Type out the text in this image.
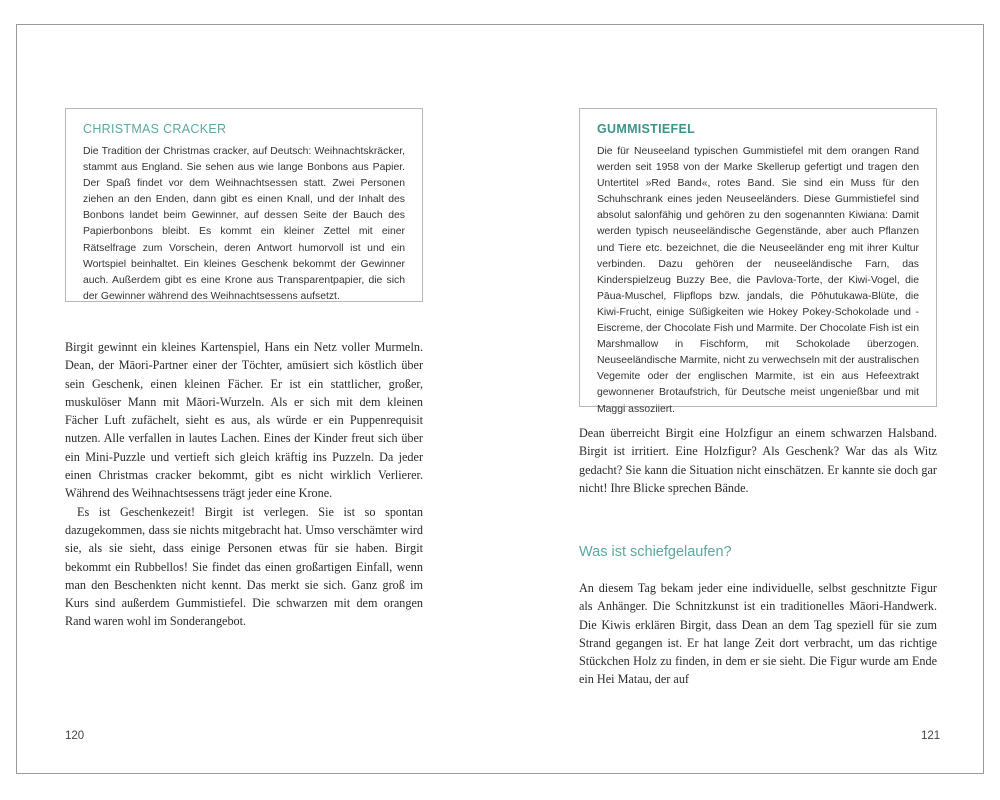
CHRISTMAS CRACKER

Die Tradition der Christmas cracker, auf Deutsch: Weihnachtskräcker, stammt aus England. Sie sehen aus wie lange Bonbons aus Papier. Der Spaß findet vor dem Weihnachtsessen statt. Zwei Personen ziehen an den Enden, dann gibt es einen Knall, und der Inhalt des Bonbons landet beim Gewinner, auf dessen Seite der Bauch des Papierbonbons bleibt. Es kommt ein kleiner Zettel mit einer Rätselfrage zum Vorschein, deren Antwort humorvoll ist und ein Wortspiel beinhaltet. Ein kleines Geschenk bekommt der Gewinner auch. Außerdem gibt es eine Krone aus Transparentpapier, die sich der Gewinner während des Weihnachtsessens aufsetzt.

Birgit gewinnt ein kleines Kartenspiel, Hans ein Netz voller Murmeln. Dean, der Māori-Partner einer der Töchter, amüsiert sich köstlich über sein Geschenk, einen kleinen Fächer. Er ist ein stattlicher, großer, muskulöser Mann mit Māori-Wurzeln. Als er sich mit dem kleinen Fächer Luft zufächelt, sieht es aus, als würde er ein Puppenrequisit nutzen. Alle verfallen in lautes Lachen. Eines der Kinder freut sich über ein Mini-Puzzle und vertieft sich gleich kräftig ins Puzzeln. Da jeder einen Christmas cracker bekommt, gibt es nicht wirklich Verlierer. Während des Weihnachtsessens trägt jeder eine Krone.

Es ist Geschenkezeit! Birgit ist verlegen. Sie ist so spontan dazugekommen, dass sie nichts mitgebracht hat. Umso verschämter wird sie, als sie sieht, dass einige Personen etwas für sie haben. Birgit bekommt ein Rubbellos! Sie findet das einen großartigen Einfall, wenn man den Beschenkten nicht kennt. Das merkt sie sich. Ganz groß im Kurs sind außerdem Gummistiefel. Die schwarzen mit dem orangen Rand waren wohl im Sonderangebot.

120

GUMMISTIEFEL

Die für Neuseeland typischen Gummistiefel mit dem orangen Rand werden seit 1958 von der Marke Skellerup gefertigt und tragen den Untertitel »Red Band«, rotes Band. Sie sind ein Muss für den Schuhschrank eines jeden Neuseeländers. Diese Gummistiefel sind absolut salonfähig und gehören zu den sogenannten Kiwiana: Damit werden typisch neuseeländische Gegenstände, aber auch Pflanzen und Tiere etc. bezeichnet, die die Neuseeländer eng mit ihrer Kultur verbinden. Dazu gehören der neuseeländische Farn, das Kinderspielzeug Buzzy Bee, die Pavlova-Torte, der Kiwi-Vogel, die Pāua-Muschel, Flipflops bzw. jandals, die Pōhutukawa-Blüte, die Kiwi-Frucht, einige Süßigkeiten wie Hokey Pokey-Schokolade und -Eiscreme, der Chocolate Fish und Marmite. Der Chocolate Fish ist ein Marshmallow in Fischform, mit Schokolade überzogen. Neuseeländische Marmite, nicht zu verwechseln mit der australischen Vegemite oder der englischen Marmite, ist ein aus Hefeextrakt gewonnener Brotaufstrich, für Deutsche meist ungenießbar und mit Maggi assoziiert.

Dean überreicht Birgit eine Holzfigur an einem schwarzen Halsband. Birgit ist irritiert. Eine Holzfigur? Als Geschenk? War das als Witz gedacht? Sie kann die Situation nicht einschätzen. Er kannte sie doch gar nicht! Ihre Blicke sprechen Bände.

Was ist schiefgelaufen?

An diesem Tag bekam jeder eine individuelle, selbst geschnitzte Figur als Anhänger. Die Schnitzkunst ist ein traditionelles Māori-Handwerk. Die Kiwis erklären Birgit, dass Dean an dem Tag speziell für sie zum Strand gegangen ist. Er hat lange Zeit dort verbracht, um das richtige Stückchen Holz zu finden, in dem er sie sieht. Die Figur wurde am Ende ein Hei Matau, der auf

121
